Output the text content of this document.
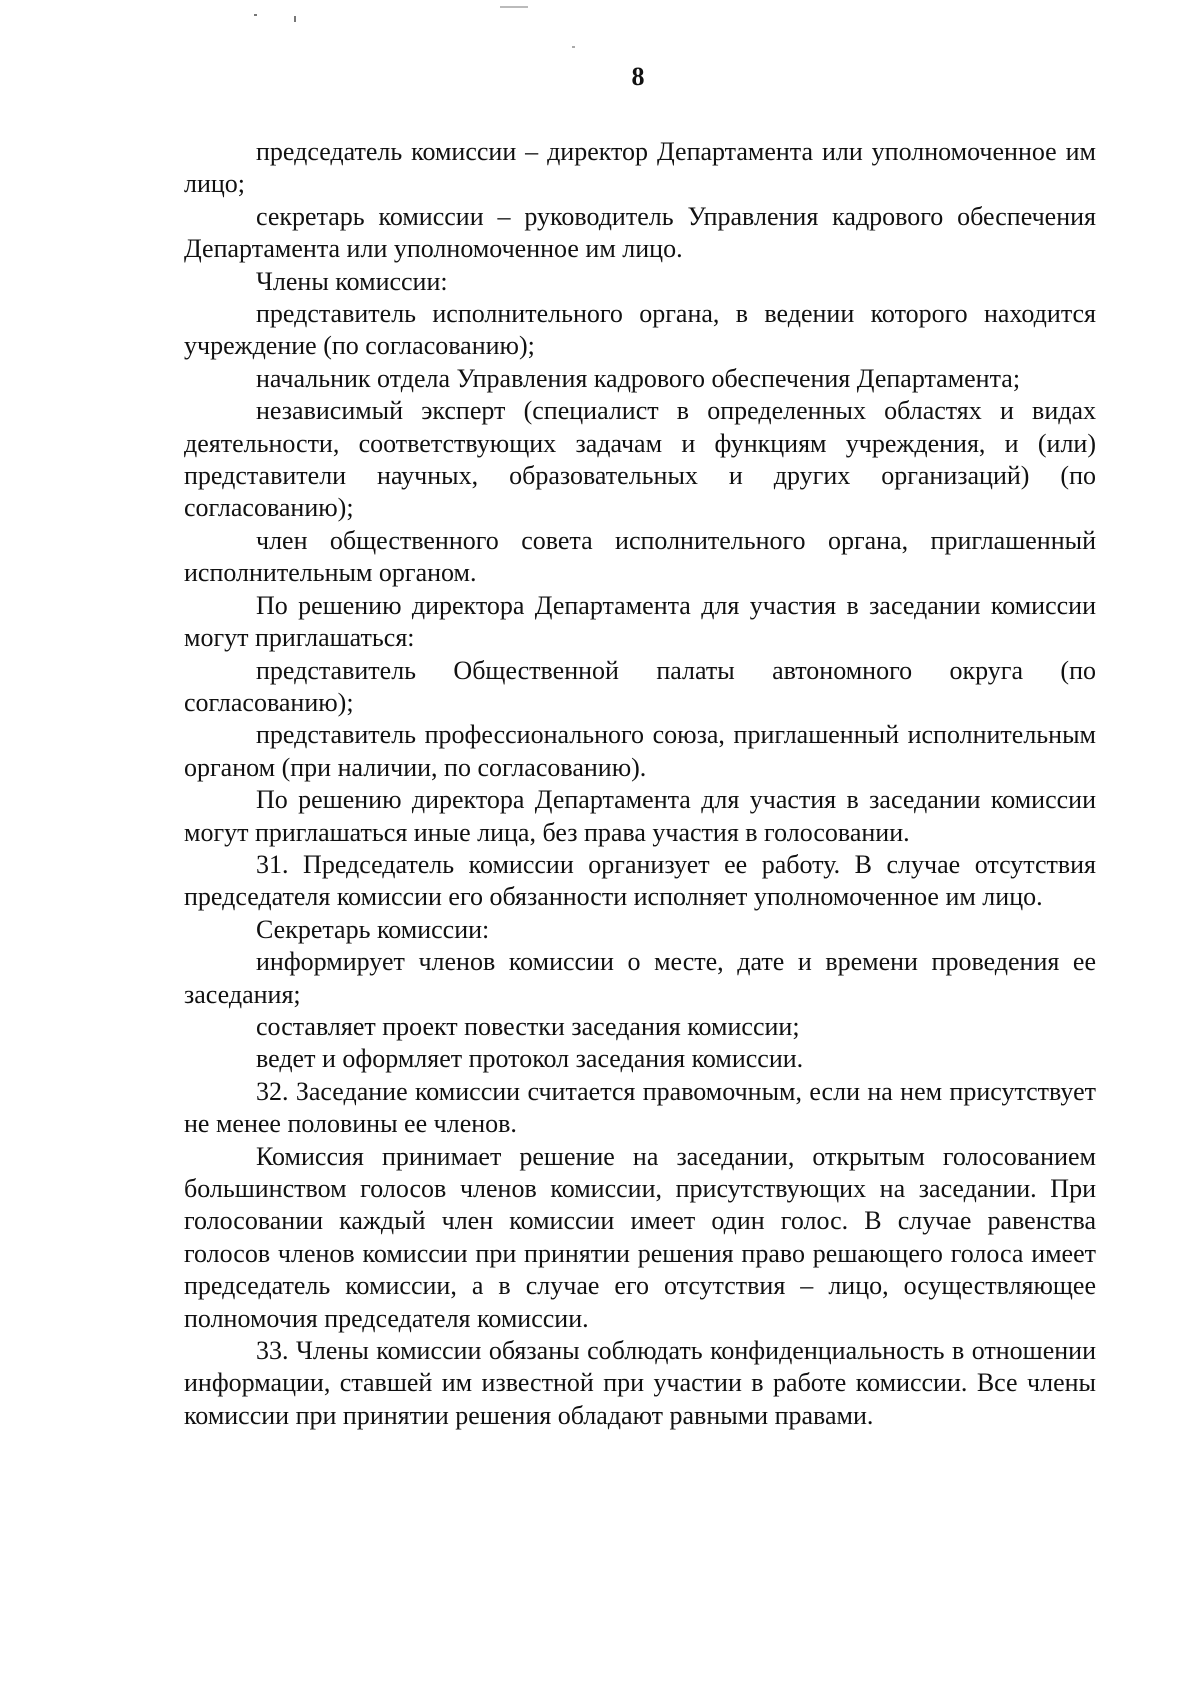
8

председатель комиссии – директор Департамента или уполномоченное им лицо;

секретарь комиссии – руководитель Управления кадрового обеспечения Департамента или уполномоченное им лицо.

Члены комиссии:

представитель исполнительного органа, в ведении которого находится учреждение (по согласованию);

начальник отдела Управления кадрового обеспечения Департамента;

независимый эксперт (специалист в определенных областях и видах деятельности, соответствующих задачам и функциям учреждения, и (или) представители научных, образовательных и других организаций) (по согласованию);

член общественного совета исполнительного органа, приглашенный исполнительным органом.

По решению директора Департамента для участия в заседании комиссии могут приглашаться:

представитель Общественной палаты автономного округа (по согласованию);

представитель профессионального союза, приглашенный исполнительным органом (при наличии, по согласованию).

По решению директора Департамента для участия в заседании комиссии могут приглашаться иные лица, без права участия в голосовании.

31. Председатель комиссии организует ее работу. В случае отсутствия председателя комиссии его обязанности исполняет уполномоченное им лицо.

Секретарь комиссии:

информирует членов комиссии о месте, дате и времени проведения ее заседания;

составляет проект повестки заседания комиссии;

ведет и оформляет протокол заседания комиссии.

32. Заседание комиссии считается правомочным, если на нем присутствует не менее половины ее членов.

Комиссия принимает решение на заседании, открытым голосованием большинством голосов членов комиссии, присутствующих на заседании. При голосовании каждый член комиссии имеет один голос. В случае равенства голосов членов комиссии при принятии решения право решающего голоса имеет председатель комиссии, а в случае его отсутствия – лицо, осуществляющее полномочия председателя комиссии.

33. Члены комиссии обязаны соблюдать конфиденциальность в отношении информации, ставшей им известной при участии в работе комиссии. Все члены комиссии при принятии решения обладают равными правами.
